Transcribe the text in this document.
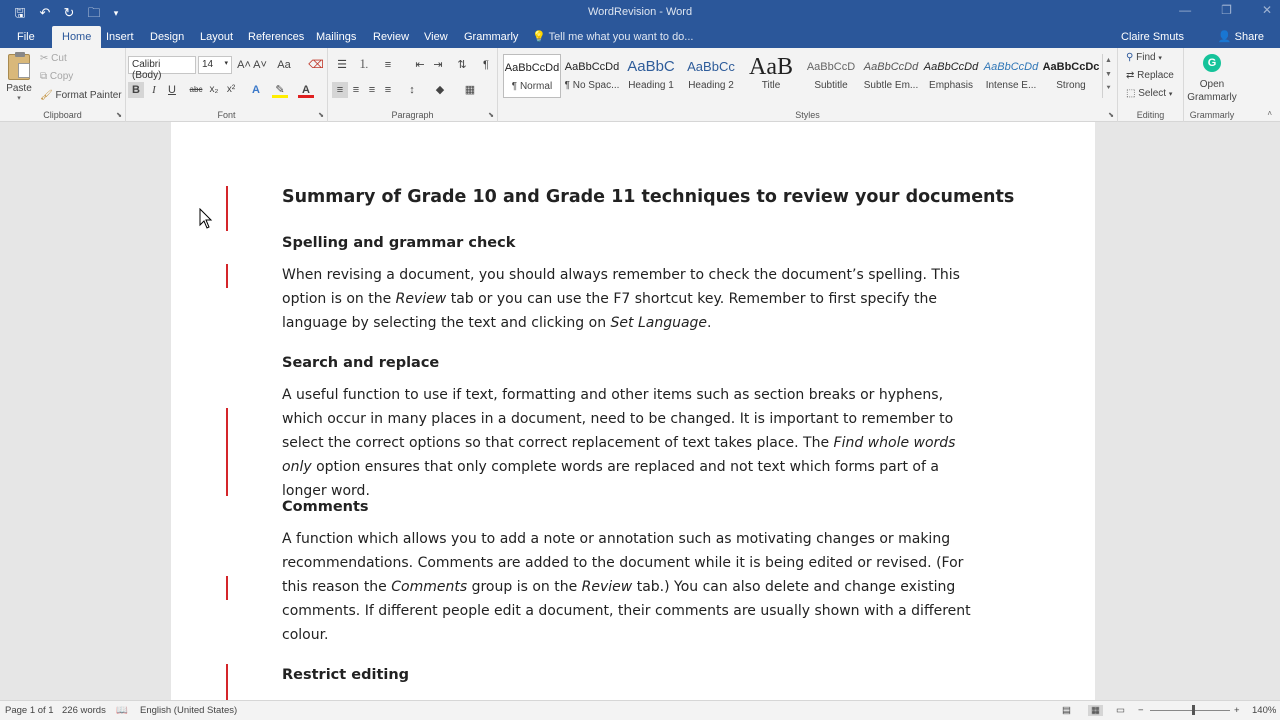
🖫	↶ ↻ 🗀	▾	WordRevision - Word	—	❐	✕
File	Home	Insert	Design	Layout	References	Mailings	Review	View	Grammarly	💡 Tell me what you want to do...	Claire Smuts	👤 Share
Paste
▾
✂ Cut
⧉ Copy
🖌 Format Painter
Clipboard	⬊
Calibri (Body)
14 ▾ A˄ A˅ Aa ⌫
B	I	U	abc x₂ x²	A	✎	A
Font	⬊
☰ ⒈	≡	⇤ ⇥	⇅	¶
≡ ≡ ≡ ≡	↕	◆	▦
Paragraph	⬊
AaBbCcDd
¶ Normal
AaBbCcDd
¶ No Spac...
AaBbC
Heading 1
AaBbCc
Heading 2
AaB
Title
AaBbCcD
Subtitle
AaBbCcDd
Subtle Em...
AaBbCcDd
Emphasis
AaBbCcDd
Intense E...
AaBbCcDc
Strong
▲
▼
⯆
Styles	⬊
⚲ Find ▾
⇄ Replace
⬚ Select ▾
Editing
G
Open
Grammarly
Grammarly	˄
Summary of Grade 10 and Grade 11 techniques to review your documents
Spelling and grammar check
When revising a document, you should always remember to check the document’s spelling. This option is on the Review tab or you can use the F7 shortcut key. Remember to first specify the language by selecting the text and clicking on Set Language.
Search and replace
A useful function to use if text, formatting and other items such as section breaks or hyphens, which occur in many places in a document, need to be changed. It is important to remember to select the correct options so that correct replacement of text takes place. The Find whole words only option ensures that only complete words are replaced and not text which forms part of a longer word.
Comments
A function which allows you to add a note or annotation such as motivating changes or making recommendations. Comments are added to the document while it is being edited or revised. (For this reason the Comments group is on the Review tab.) You can also delete and change existing comments. If different people edit a document, their comments are usually shown with a different colour.
Restrict editing
Page 1 of 1 226 words 📖 English (United States)	▤	▦	▭ −	+ 140%
